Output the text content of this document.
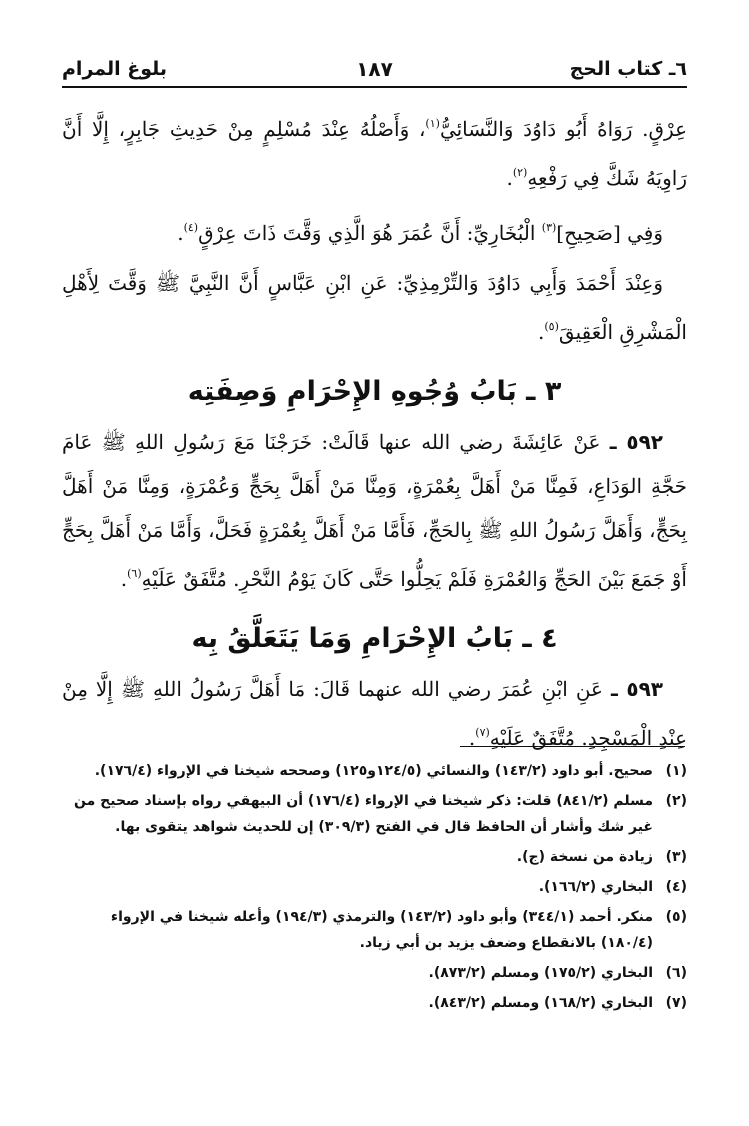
٦ـ كتاب الحج
١٨٧
بلوغ المرام

عِرْقٍ. رَوَاهُ أَبُو دَاوُدَ وَالنَّسَائِيُّ$^{(١)}$، وَأَصْلُهُ عِنْدَ مُسْلِمٍ مِنْ حَدِيثِ جَابِرٍ، إِلَّا أَنَّ رَاوِيَهُ شَكَّ فِي رَفْعِهِ$^{(٢)}$.

وَفِي [صَحِيحِ]$^{(٣)}$ الْبُخَارِيِّ: أَنَّ عُمَرَ هُوَ الَّذِي وَقَّتَ ذَاتَ عِرْقٍ$^{(٤)}$.

وَعِنْدَ أَحْمَدَ وَأَبِي دَاوُدَ وَالتِّرْمِذِيِّ: عَنِ ابْنِ عَبَّاسٍ أَنَّ النَّبِيَّ ﷺ وَقَّتَ لِأَهْلِ الْمَشْرِقِ الْعَقِيقَ$^{(٥)}$.

٣ ـ بَابُ وُجُوهِ الإِحْرَامِ وَصِفَتِه

٥٩٢ ـ عَنْ عَائِشَةَ رضي الله عنها قَالَتْ: خَرَجْنَا مَعَ رَسُولِ اللهِ ﷺ عَامَ حَجَّةِ الوَدَاعِ، فَمِنَّا مَنْ أَهَلَّ بِعُمْرَةٍ، وَمِنَّا مَنْ أَهَلَّ بِحَجٍّ وَعُمْرَةٍ، وَمِنَّا مَنْ أَهَلَّ بِحَجٍّ، وَأَهَلَّ رَسُولُ اللهِ ﷺ بِالحَجِّ، فَأَمَّا مَنْ أَهَلَّ بِعُمْرَةٍ فَحَلَّ، وَأَمَّا مَنْ أَهَلَّ بِحَجٍّ أَوْ جَمَعَ بَيْنَ الحَجِّ وَالعُمْرَةِ فَلَمْ يَحِلُّوا حَتَّى كَانَ يَوْمُ النَّحْرِ. مُتَّفَقٌ عَلَيْهِ$^{(٦)}$.

٤ ـ بَابُ الإِحْرَامِ وَمَا يَتَعَلَّقُ بِه

٥٩٣ ـ عَنِ ابْنِ عُمَرَ رضي الله عنهما قَالَ: مَا أَهَلَّ رَسُولُ اللهِ ﷺ إِلَّا مِنْ عِنْدِ الْمَسْجِدِ. مُتَّفَقٌ عَلَيْهِ$^{(٧)}$.

(١)
صحيح. أبو داود (١٤٣/٢) والنسائي (١٢٤/٥و١٢٥) وصححه شيخنا في الإرواء (١٧٦/٤).
(٢)
مسلم (٨٤١/٢) قلت: ذكر شيخنا في الإرواء (١٧٦/٤) أن البيهقي رواه بإسناد صحيح من غير شك وأشار أن الحافظ قال في الفتح (٣٠٩/٣) إن للحديث شواهد يتقوى بها.
(٣)
زيادة من نسخة (ج).
(٤)
البخاري (١٦٦/٢).
(٥)
منكر. أحمد (٣٤٤/١) وأبو داود (١٤٣/٢) والترمذي (١٩٤/٣) وأعله شيخنا في الإرواء (١٨٠/٤) بالانقطاع وضعف يزيد بن أبي زياد.
(٦)
البخاري (١٧٥/٢) ومسلم (٨٧٣/٢).
(٧)
البخاري (١٦٨/٢) ومسلم (٨٤٣/٢).
